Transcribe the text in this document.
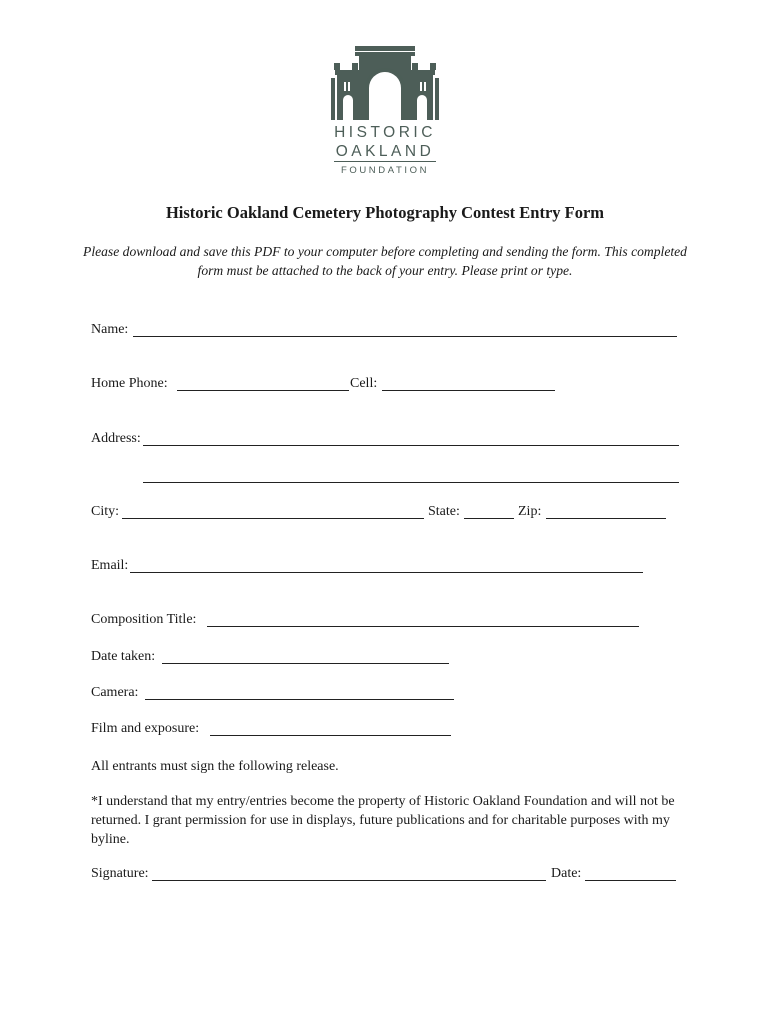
HISTORIC
OAKLAND
FOUNDATION
Historic Oakland Cemetery Photography Contest Entry Form
Please download and save this PDF to your computer before completing and sending the form. This completed form must be attached to the back of your entry. Please print or type.
Name:
Home Phone:	Cell:
Address:
City:	State:	Zip:
Email:
Composition Title:
Date taken:
Camera:
Film and exposure:
All entrants must sign the following release.
*I understand that my entry/entries become the property of Historic Oakland Foundation and will not be returned. I grant permission for use in displays, future publications and for charitable purposes with my byline.
Signature:	Date:
